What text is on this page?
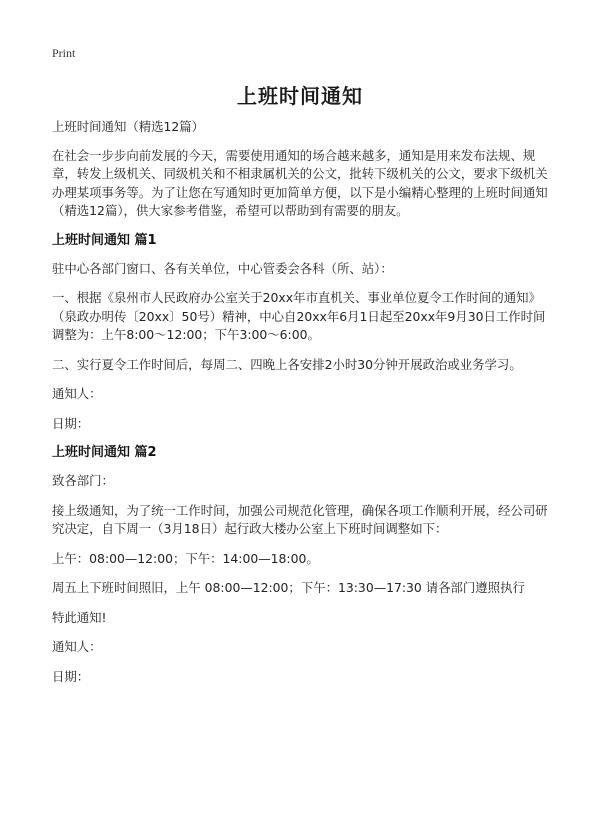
Print
上班时间通知

上班时间通知（精选12篇）

在社会一步步向前发展的今天，需要使用通知的场合越来越多，通知是用来发布法规、规章，转发上级机关、同级机关和不相隶属机关的公文，批转下级机关的公文，要求下级机关办理某项事务等。为了让您在写通知时更加简单方便，以下是小编精心整理的上班时间通知（精选12篇），供大家参考借鉴，希望可以帮助到有需要的朋友。

上班时间通知 篇1

驻中心各部门窗口、各有关单位，中心管委会各科（所、站）：

一、根据《泉州市人民政府办公室关于20xx年市直机关、事业单位夏令工作时间的通知》（泉政办明传〔20xx〕50号）精神，中心自20xx年6月1日起至20xx年9月30日工作时间调整为：上午8:00～12:00；下午3:00～6:00。

二、实行夏令工作时间后，每周二、四晚上各安排2小时30分钟开展政治或业务学习。

通知人：

日期：

上班时间通知 篇2

致各部门：

接上级通知，为了统一工作时间，加强公司规范化管理，确保各项工作顺利开展，经公司研究决定，自下周一（3月18日）起行政大楼办公室上下班时间调整如下：

上午：08:00—12:00；下午：14:00—18:00。

周五上下班时间照旧，上午 08:00—12:00；下午：13:30—17:30 请各部门遵照执行

特此通知!

通知人：

日期：
